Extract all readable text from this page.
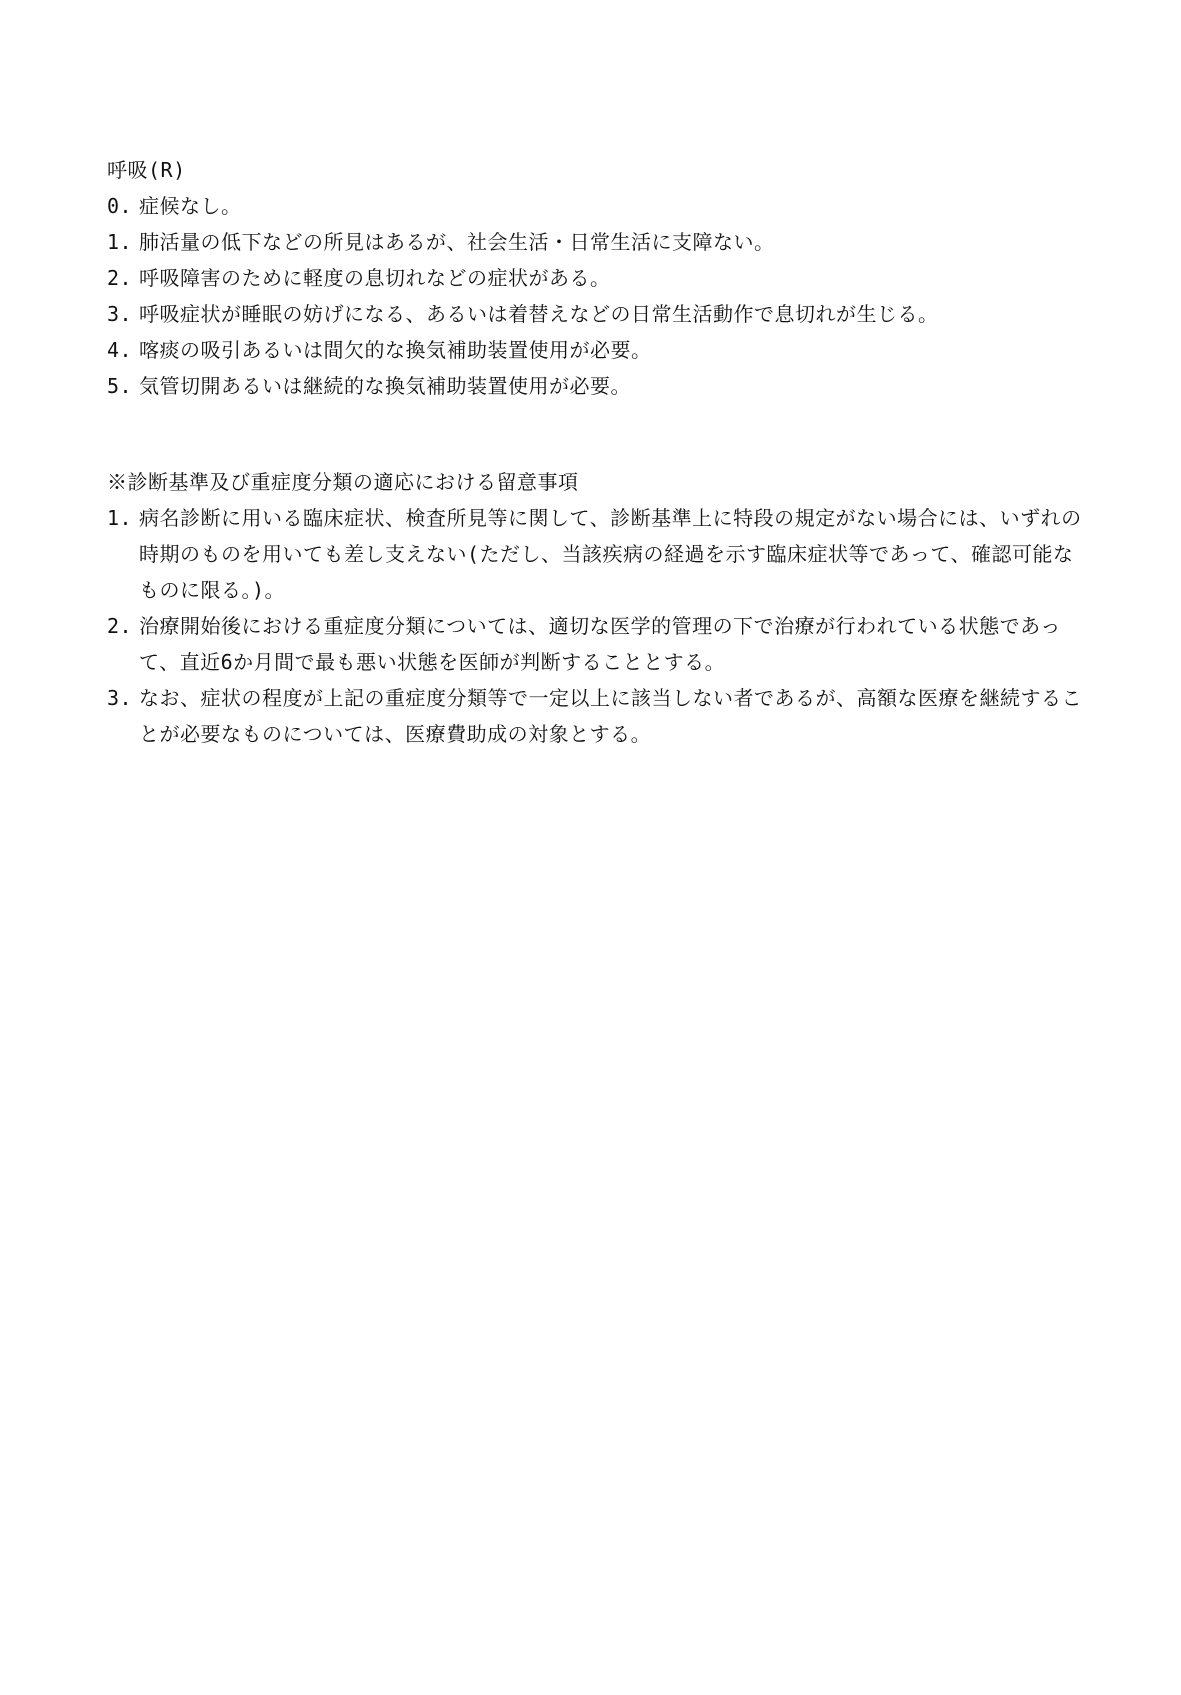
呼吸(R)
0. 症候なし。
1. 肺活量の低下などの所見はあるが、社会生活・日常生活に支障ない。
2. 呼吸障害のために軽度の息切れなどの症状がある。
3. 呼吸症状が睡眠の妨げになる、あるいは着替えなどの日常生活動作で息切れが生じる。
4. 喀痰の吸引あるいは間欠的な換気補助装置使用が必要。
5. 気管切開あるいは継続的な換気補助装置使用が必要。
※診断基準及び重症度分類の適応における留意事項
1. 病名診断に用いる臨床症状、検査所見等に関して、診断基準上に特段の規定がない場合には、いずれの時期のものを用いても差し支えない(ただし、当該疾病の経過を示す臨床症状等であって、確認可能なものに限る。)。
2. 治療開始後における重症度分類については、適切な医学的管理の下で治療が行われている状態であって、直近6か月間で最も悪い状態を医師が判断することとする。
3. なお、症状の程度が上記の重症度分類等で一定以上に該当しない者であるが、高額な医療を継続することが必要なものについては、医療費助成の対象とする。
